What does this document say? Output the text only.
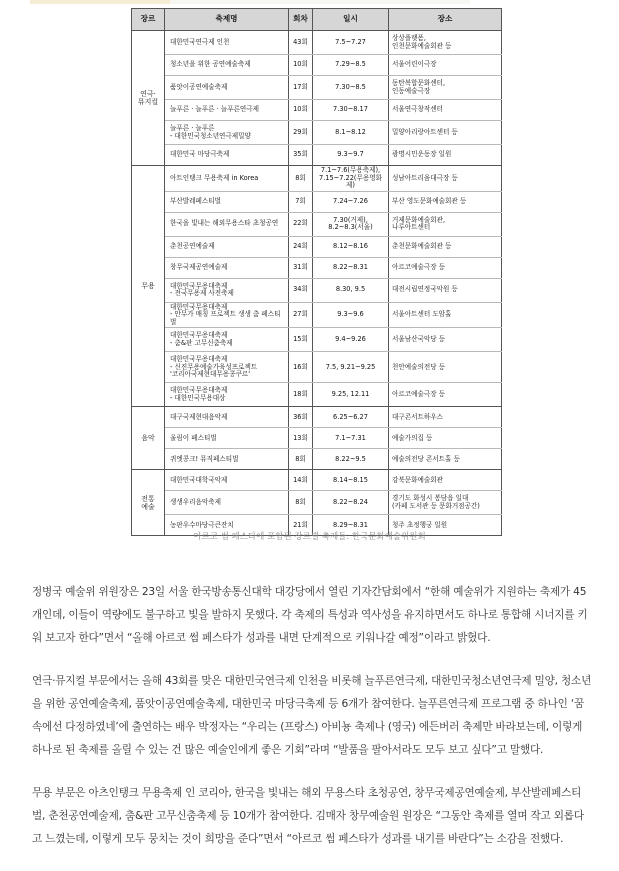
장르	축제명	회차	일시	장소

연극·
뮤지컬	대한민국연극제 인천	43회	7.5~7.27	상상플랫폼,
인천문화예술회관 등

	청소년을 위한 공연예술축제	10회	7.29~8.5	서울어린이극장

	품앗이공연예술축제	17회	7.30~8.5	동탄복합문화센터,
인동예술극장

	늘푸른 · 늘푸른 · 늘푸른연극제	10회	7.30~8.17	서울연극창작센터

	늘푸른 · 늘푸른
- 대한민국청소년연극제밀양	29회	8.1~8.12	밀양아리랑아트센터 등

	대한민국 마당극축제	35회	9.3~9.7	광명시민운동장 일원

무용	아트인탱크 무용축제 in Korea	8회	7.1~7.6(무용축제),
7.15~7.22(무용영화제)	성남아트리움대극장 등

	부산발레페스티벌	7회	7.24~7.26	부산 영도문화예술회관 등

	한국을 빛내는 해외무용스타 초청공연	22회	7.30(거제),
8.2~8.3(서울)	거제문화예술회관,
나루아트센터

	춘천공연예술제	24회	8.12~8.16	춘천문화예술회관 등

	창무국제공연예술제	31회	8.22~8.31	아르코예술극장 등

	대한민국무용대축제
- 전국무용제 사전축제	34회	8.30, 9.5	대전시립연정국악원 등

	대한민국무용대축제
- 안무가 매칭 프로젝트 생생 춤 페스티벌	27회	9.3~9.6	서울아트센터 도암홀

	대한민국무용대축제
- 춤&판 고무신춤축제	15회	9.4~9.26	서울남산국악당 등

	대한민국무용대축제
- 신진무용예술가육성프로젝트
'코리아국제현대무용콩쿠르'	16회	7.5, 9.21~9.25	천안예술의전당 등

	대한민국무용대축제
- 대한민국무용대상	18회	9.25, 12.11	아르코예술극장 등

음악	대구국제현대음악제	36회	6.25~6.27	대구콘서트하우스

	울림이 페스티벌	13회	7.1~7.31	예술가의집 등

	퀴엣콩크! 뮤직페스티벌	8회	8.22~9.5	예술의전당 콘서트홀 등

전통
예술	대한민국대학국악제	14회	8.14~8.15	강북문화예술회관

	생생우리음악축제	8회	8.22~8.24	경기도 화성시 봉담읍 일대
(카페 도서관 등 문화거점공간)

	농판우수마당극큰잔치	21회	8.29~8.31	청주 초정행궁 일원
아르코 썸 페스타에 포함된 장르별 축제들. 한국문화예술위원회

정병국 예술위 위원장은 23일 서울 한국방송통신대학 대강당에서 열린 기자간담회에서 “한해 예술위가 지원하는 축제가 45개인데, 이들이 역량에도 불구하고 빛을 발하지 못했다. 각 축제의 특성과 역사성을 유지하면서도 하나로 통합해 시너지를 키워 보고자 한다”면서 “올해 아르코 썸 페스타가 성과를 내면 단계적으로 키워나갈 예정”이라고 밝혔다.

연극·뮤지컬 부문에서는 올해 43회를 맞은 대한민국연극제 인천을 비롯해 늘푸른연극제, 대한민국청소년연극제 밀양, 청소년을 위한 공연예술축제, 품앗이공연예술축제, 대한민국 마당극축제 등 6개가 참여한다. 늘푸른연극제 프로그램 중 하나인 ‘꿈속에선 다정하였네’에 출연하는 배우 박정자는 “우리는 (프랑스) 아비뇽 축제나 (영국) 에든버러 축제만 바라보는데, 이렇게 하나로 된 축제를 올릴 수 있는 건 많은 예술인에게 좋은 기회”라며 “발품을 팔아서라도 모두 보고 싶다”고 말했다.

무용 부문은 아츠인탱크 무용축제 인 코리아, 한국을 빛내는 해외 무용스타 초청공연, 창무국제공연예술제, 부산발레페스티벌, 춘천공연예술제, 춤&판 고무신춤축제 등 10개가 참여한다. 김매자 창무예술원 원장은 “그동안 축제를 열며 작고 외롭다고 느꼈는데, 이렇게 모두 뭉치는 것이 희망을 준다”면서 “아르코 썸 페스타가 성과를 내기를 바란다”는 소감을 전했다.
